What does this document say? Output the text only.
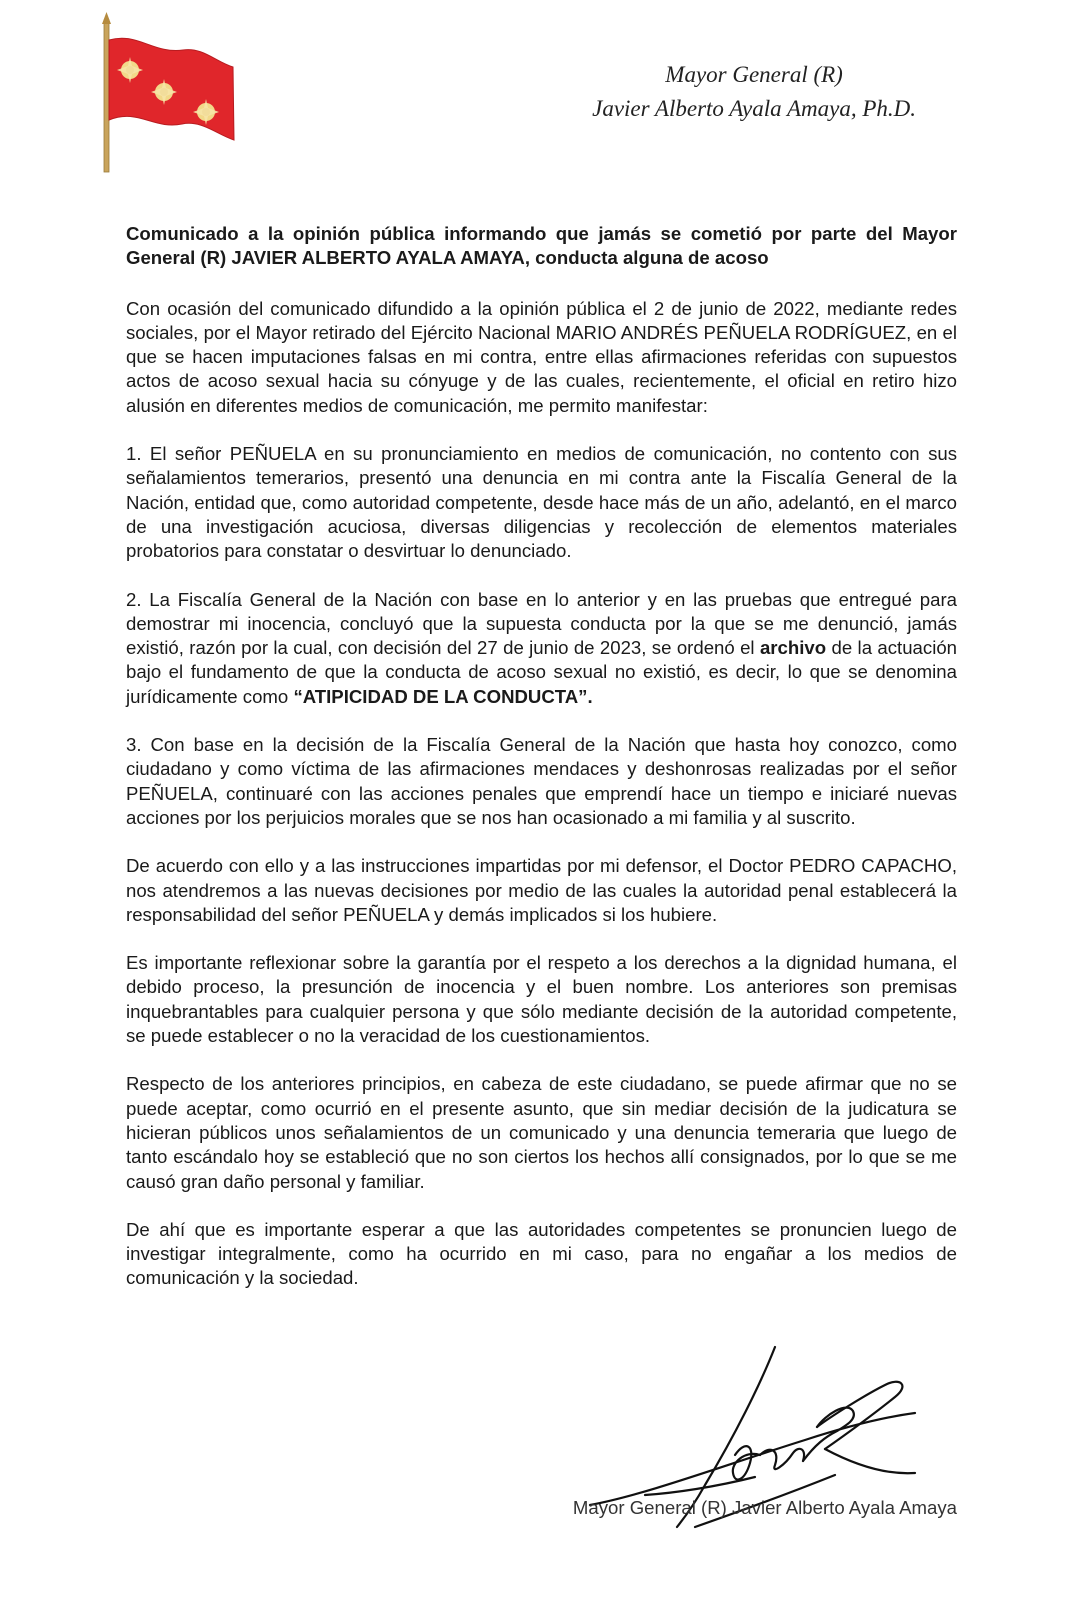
Mayor General (R)
Javier Alberto Ayala Amaya, Ph.D.

Comunicado a la opinión pública informando que jamás se cometió por parte del Mayor General (R) JAVIER ALBERTO AYALA AMAYA, conducta alguna de acoso

Con ocasión del comunicado difundido a la opinión pública el 2 de junio de 2022, mediante redes sociales, por el Mayor retirado del Ejército Nacional MARIO ANDRÉS PEÑUELA RODRÍGUEZ, en el que se hacen imputaciones falsas en mi contra, entre ellas afirmaciones referidas con supuestos actos de acoso sexual hacia su cónyuge y de las cuales, recientemente, el oficial en retiro hizo alusión en diferentes medios de comunicación, me permito manifestar:

1. El señor PEÑUELA en su pronunciamiento en medios de comunicación, no contento con sus señalamientos temerarios, presentó una denuncia en mi contra ante la Fiscalía General de la Nación, entidad que, como autoridad competente, desde hace más de un año, adelantó, en el marco de una investigación acuciosa, diversas diligencias y recolección de elementos materiales probatorios para constatar o desvirtuar lo denunciado.

2. La Fiscalía General de la Nación con base en lo anterior y en las pruebas que entregué para demostrar mi inocencia, concluyó que la supuesta conducta por la que se me denunció, jamás existió, razón por la cual, con decisión del 27 de junio de 2023, se ordenó el archivo de la actuación bajo el fundamento de que la conducta de acoso sexual no existió, es decir, lo que se denomina jurídicamente como “ATIPICIDAD DE LA CONDUCTA”.

3. Con base en la decisión de la Fiscalía General de la Nación que hasta hoy conozco, como ciudadano y como víctima de las afirmaciones mendaces y deshonrosas realizadas por el señor PEÑUELA, continuaré con las acciones penales que emprendí hace un tiempo e iniciaré nuevas acciones por los perjuicios morales que se nos han ocasionado a mi familia y al suscrito.

De acuerdo con ello y a las instrucciones impartidas por mi defensor, el Doctor PEDRO CAPACHO, nos atendremos a las nuevas decisiones por medio de las cuales la autoridad penal establecerá la responsabilidad del señor PEÑUELA y demás implicados si los hubiere.

Es importante reflexionar sobre la garantía por el respeto a los derechos a la dignidad humana, el debido proceso, la presunción de inocencia y el buen nombre. Los anteriores son premisas inquebrantables para cualquier persona y que sólo mediante decisión de la autoridad competente, se puede establecer o no la veracidad de los cuestionamientos.

Respecto de los anteriores principios, en cabeza de este ciudadano, se puede afirmar que no se puede aceptar, como ocurrió en el presente asunto, que sin mediar decisión de la judicatura se hicieran públicos unos señalamientos de un comunicado y una denuncia temeraria que luego de tanto escándalo hoy se estableció que no son ciertos los hechos allí consignados, por lo que se me causó gran daño personal y familiar.

De ahí que es importante esperar a que las autoridades competentes se pronuncien luego de investigar integralmente, como ha ocurrido en mi caso, para no engañar a los medios de comunicación y la sociedad.

Mayor General (R) Javier Alberto Ayala Amaya
